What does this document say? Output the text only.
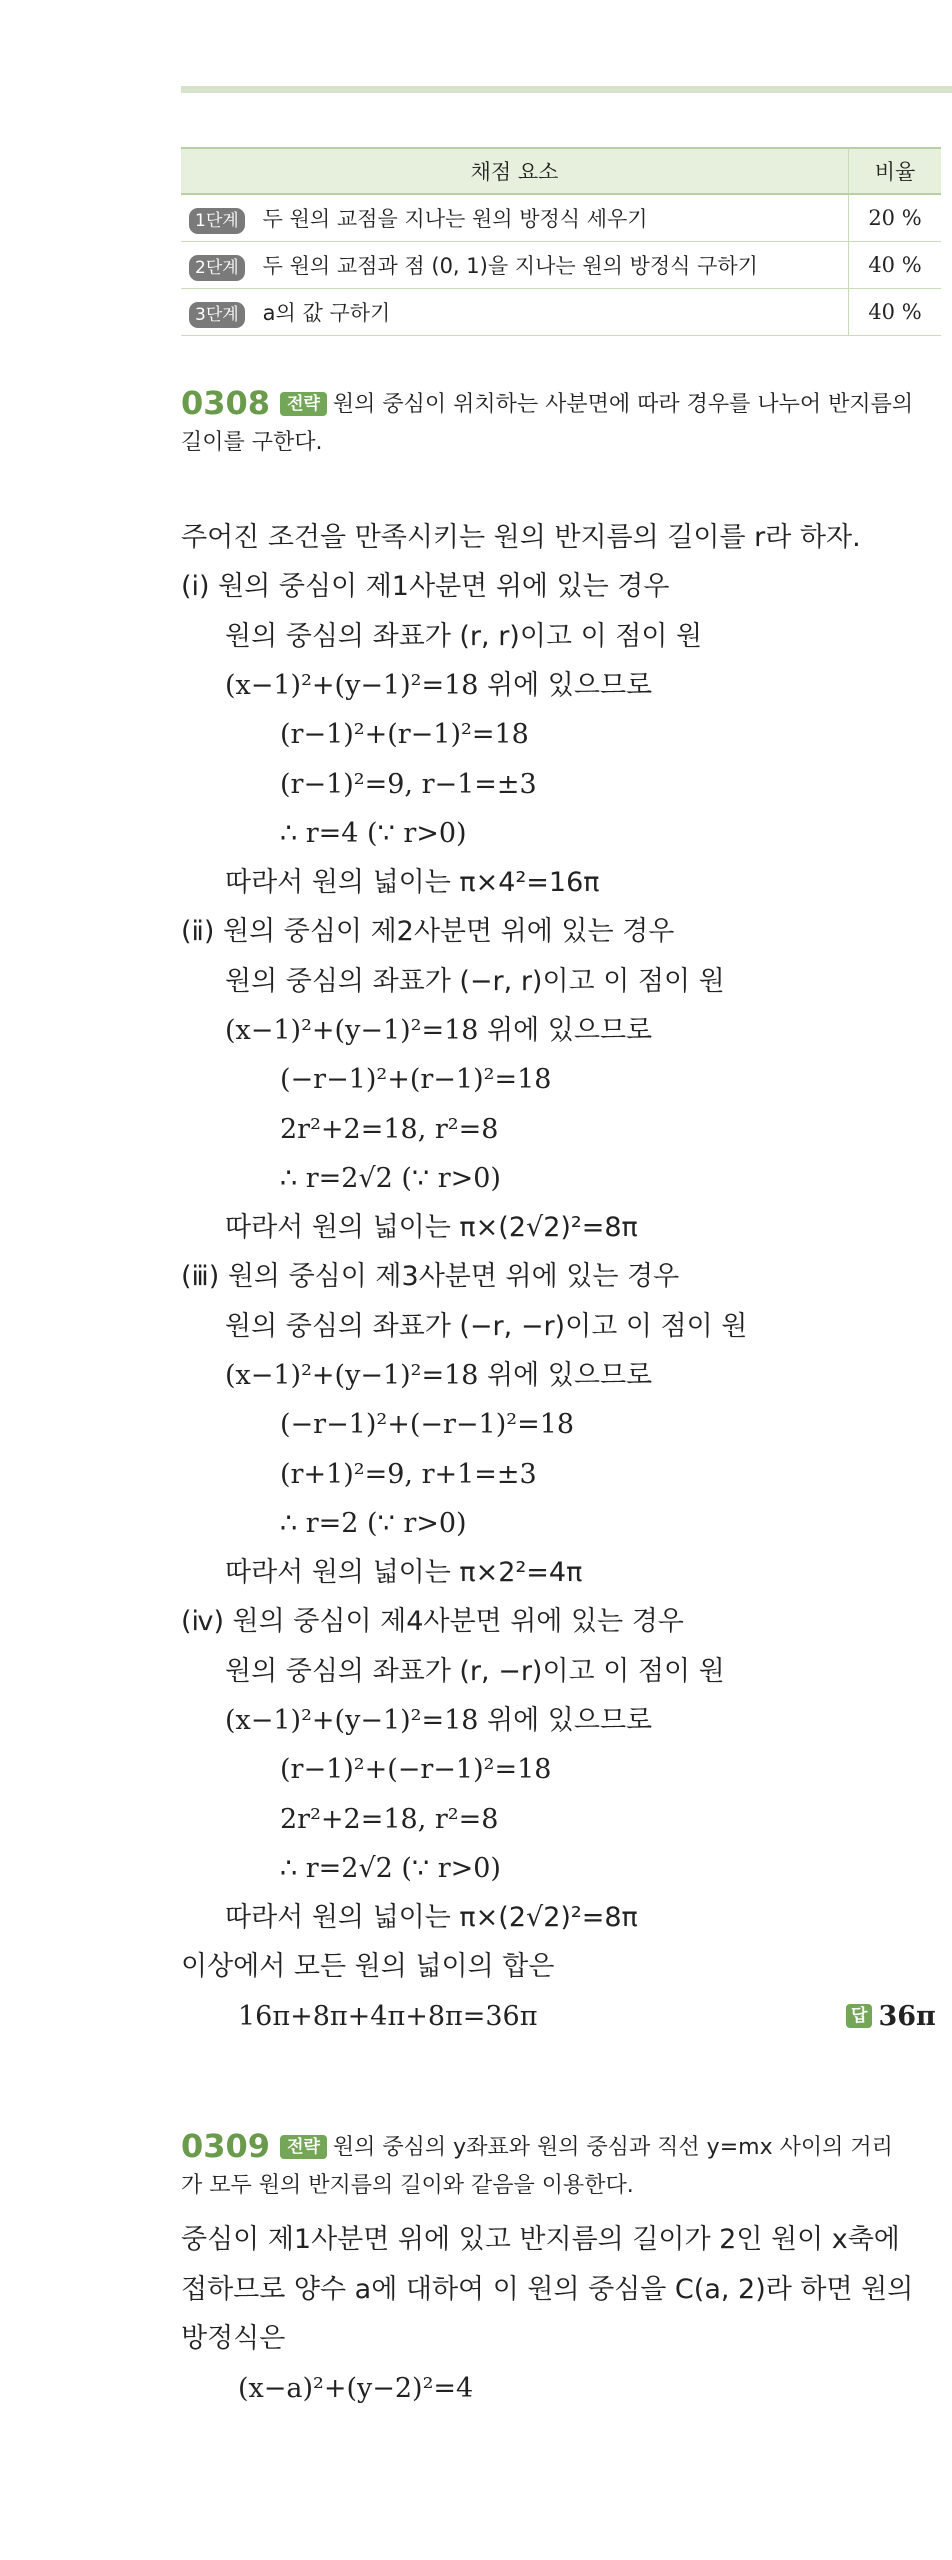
채점 요소	비율
1단계 두 원의 교점을 지나는 원의 방정식 세우기	20 %
2단계 두 원의 교점과 점 (0, 1)을 지나는 원의 방정식 구하기	40 %
3단계 a의 값 구하기	40 %
0308 전략 원의 중심이 위치하는 사분면에 따라 경우를 나누어 반지름의
길이를 구한다.
주어진 조건을 만족시키는 원의 반지름의 길이를 r라 하자.
(ⅰ) 원의 중심이 제1사분면 위에 있는 경우
원의 중심의 좌표가 (r, r)이고 이 점이 원
(x−1)²+(y−1)²=18 위에 있으므로
(r−1)²+(r−1)²=18
(r−1)²=9, r−1=±3
∴ r=4 (∵ r>0)
따라서 원의 넓이는 π×4²=16π
(ⅱ) 원의 중심이 제2사분면 위에 있는 경우
원의 중심의 좌표가 (−r, r)이고 이 점이 원
(x−1)²+(y−1)²=18 위에 있으므로
(−r−1)²+(r−1)²=18
2r²+2=18, r²=8
∴ r=2√2 (∵ r>0)
따라서 원의 넓이는 π×(2√2)²=8π
(ⅲ) 원의 중심이 제3사분면 위에 있는 경우
원의 중심의 좌표가 (−r, −r)이고 이 점이 원
(x−1)²+(y−1)²=18 위에 있으므로
(−r−1)²+(−r−1)²=18
(r+1)²=9, r+1=±3
∴ r=2 (∵ r>0)
따라서 원의 넓이는 π×2²=4π
(ⅳ) 원의 중심이 제4사분면 위에 있는 경우
원의 중심의 좌표가 (r, −r)이고 이 점이 원
(x−1)²+(y−1)²=18 위에 있으므로
(r−1)²+(−r−1)²=18
2r²+2=18, r²=8
∴ r=2√2 (∵ r>0)
따라서 원의 넓이는 π×(2√2)²=8π
이상에서 모든 원의 넓이의 합은
16π+8π+4π+8π=36π	답 36π
0309 전략 원의 중심의 y좌표와 원의 중심과 직선 y=mx 사이의 거리
가 모두 원의 반지름의 길이와 같음을 이용한다.
중심이 제1사분면 위에 있고 반지름의 길이가 2인 원이 x축에
접하므로 양수 a에 대하여 이 원의 중심을 C(a, 2)라 하면 원의
방정식은
(x−a)²+(y−2)²=4
